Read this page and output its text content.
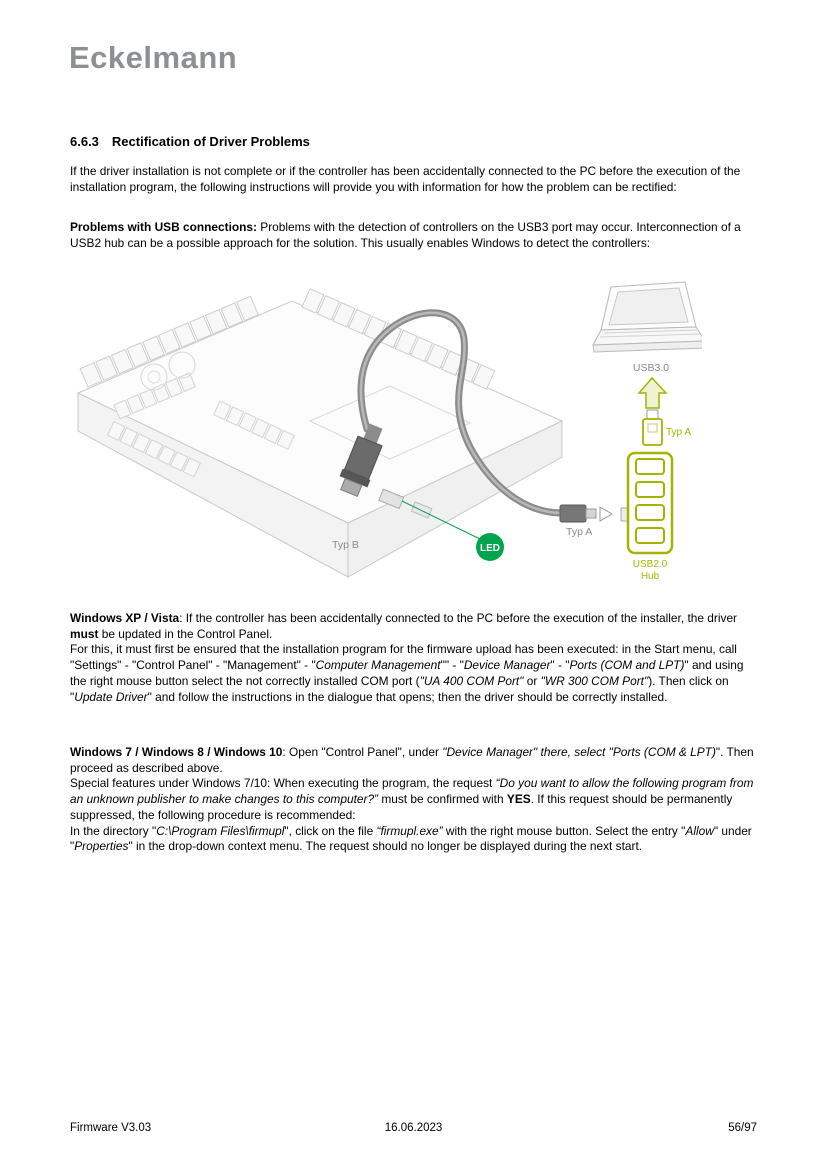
Eckelmann
6.6.3 Rectification of Driver Problems

If the driver installation is not complete or if the controller has been accidentally connected to the PC before the execution of the installation program, the following instructions will provide you with information for how the problem can be rectified:

Problems with USB connections: Problems with the detection of controllers on the USB3 port may occur. Interconnection of a USB2 hub can be a possible approach for the solution. This usually enables Windows to detect the controllers:

LED
Typ B
Typ A
USB2.0
Hub
Typ A
USB3.0

Windows XP / Vista: If the controller has been accidentally connected to the PC before the execution of the installer, the driver must be updated in the Control Panel.
For this, it must first be ensured that the installation program for the firmware upload has been executed: in the Start menu, call "Settings" - "Control Panel" - "Management" - "Computer Management"" - "Device Manager" - "Ports (COM and LPT)" and using the right mouse button select the not correctly installed COM port ("UA 400 COM Port" or "WR 300 COM Port"). Then click on "Update Driver" and follow the instructions in the dialogue that opens; then the driver should be correctly installed.

Windows 7 / Windows 8 / Windows 10: Open "Control Panel", under "Device Manager" there, select "Ports (COM & LPT)". Then proceed as described above.
Special features under Windows 7/10: When executing the program, the request “Do you want to allow the following program from an unknown publisher to make changes to this computer?” must be confirmed with YES. If this request should be permanently suppressed, the following procedure is recommended:
In the directory "C:\Program Files\firmupl", click on the file “firmupl.exe” with the right mouse button. Select the entry "Allow" under "Properties" in the drop-down context menu. The request should no longer be displayed during the next start.

Firmware V3.03	16.06.2023	56/97
